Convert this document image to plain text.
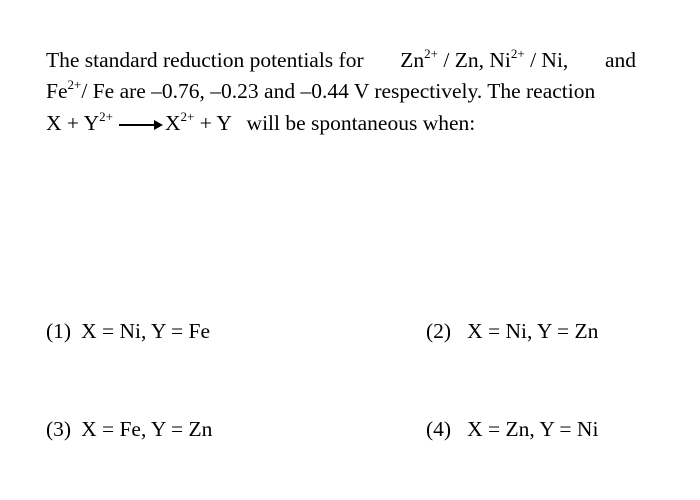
The standard reduction potentials for $Zn^{2+}$ / Zn, $Ni^{2+}$ / Ni, and
$Fe^{2+}/$ Fe are –0.76, –0.23 and –0.44 V respectively. The reaction
$X + Y^{2+}$ $X^{2+} + Y$ will be spontaneous when:
(1) X = Ni, Y = Fe	(2) X = Ni, Y = Zn
(3) X = Fe, Y = Zn	(4) X = Zn, Y = Ni
